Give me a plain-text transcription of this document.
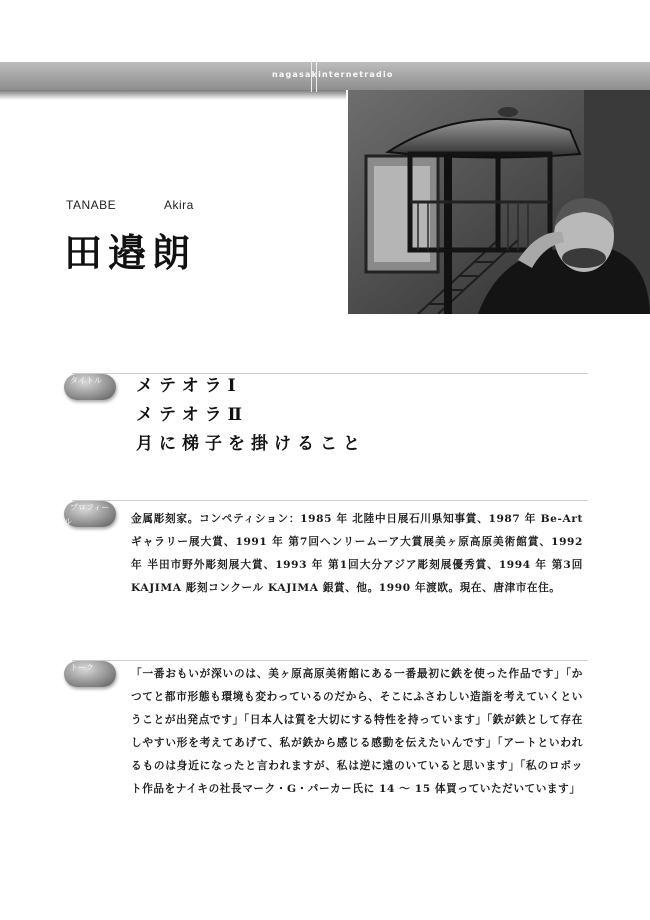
nagasakinternetradio
TANABE	Akira
田邉朗
タイトル	メテオラⅠ
メテオラⅡ
月に梯子を掛けること
プロフィール	金属彫刻家。コンペティション：1985 年 北陸中日展石川県知事賞、1987 年 Be-Art ギャラリー展大賞、1991 年 第7回ヘンリームーア大賞展美ヶ原高原美術館賞、1992 年 半田市野外彫刻展大賞、1993 年 第1回大分アジア彫刻展優秀賞、1994 年 第3回 KAJIMA 彫刻コンクール KAJIMA 銀賞、他。1990 年渡欧。現在、唐津市在住。
トーク
「一番おもいが深いのは、美ヶ原高原美術館にある一番最初に鉄を使った作品です」「かつてと都市形態も環境も変わっているのだから、そこにふさわしい造詣を考えていくということが出発点です」「日本人は質を大切にする特性を持っています」「鉄が鉄として存在しやすい形を考えてあげて、私が鉄から感じる感動を伝えたいんです」「アートといわれるものは身近になったと言われますが、私は逆に遠のいていると思います」「私のロボット作品をナイキの社長マーク・G・パーカー氏に 14 ～ 15 体買っていただいています」
